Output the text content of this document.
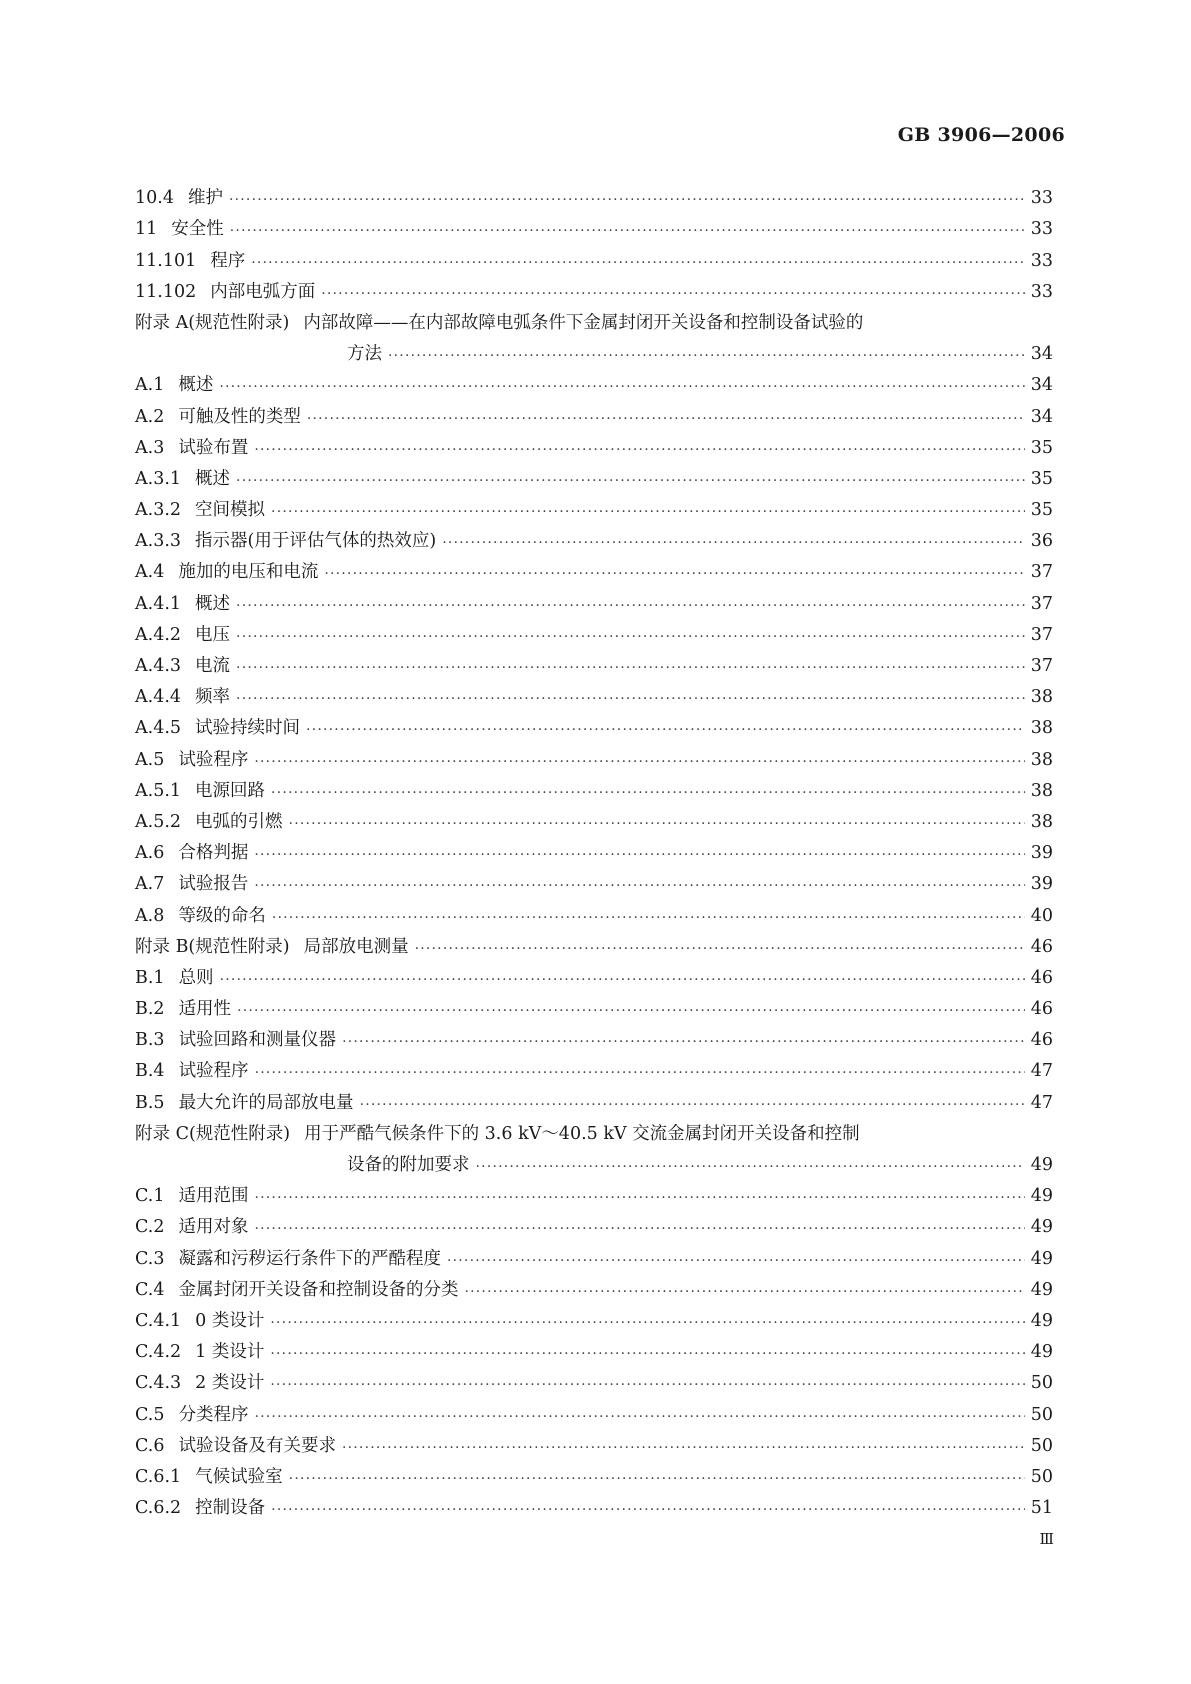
GB 3906—2006
10.4 维护 ·····	33
11 安全性 ·····	33
11.101 程序 ·····	33
11.102 内部电弧方面 ·····	33
附录 A(规范性附录) 内部故障——在内部故障电弧条件下金属封闭开关设备和控制设备试验的
方法 ·····	34
A.1 概述 ·····	34
A.2 可触及性的类型 ·····	34
A.3 试验布置 ·····	35
A.3.1 概述 ·····	35
A.3.2 空间模拟 ·····	35
A.3.3 指示器(用于评估气体的热效应) ·····	36
A.4 施加的电压和电流 ·····	37
A.4.1 概述 ·····	37
A.4.2 电压 ·····	37
A.4.3 电流 ·····	37
A.4.4 频率 ·····	38
A.4.5 试验持续时间 ·····	38
A.5 试验程序 ·····	38
A.5.1 电源回路 ·····	38
A.5.2 电弧的引燃 ·····	38
A.6 合格判据 ·····	39
A.7 试验报告 ·····	39
A.8 等级的命名 ·····	40
附录 B(规范性附录) 局部放电测量 ·····	46
B.1 总则 ·····	46
B.2 适用性 ·····	46
B.3 试验回路和测量仪器 ·····	46
B.4 试验程序 ·····	47
B.5 最大允许的局部放电量 ·····	47
附录 C(规范性附录) 用于严酷气候条件下的 3.6 kV～40.5 kV 交流金属封闭开关设备和控制
设备的附加要求 ·····	49
C.1 适用范围 ·····	49
C.2 适用对象 ·····	49
C.3 凝露和污秽运行条件下的严酷程度 ·····	49
C.4 金属封闭开关设备和控制设备的分类 ·····	49
C.4.1 0 类设计 ·····	49
C.4.2 1 类设计 ·····	49
C.4.3 2 类设计 ·····	50
C.5 分类程序 ·····	50
C.6 试验设备及有关要求 ·····	50
C.6.1 气候试验室 ·····	50
C.6.2 控制设备 ·····	51
Ⅲ
